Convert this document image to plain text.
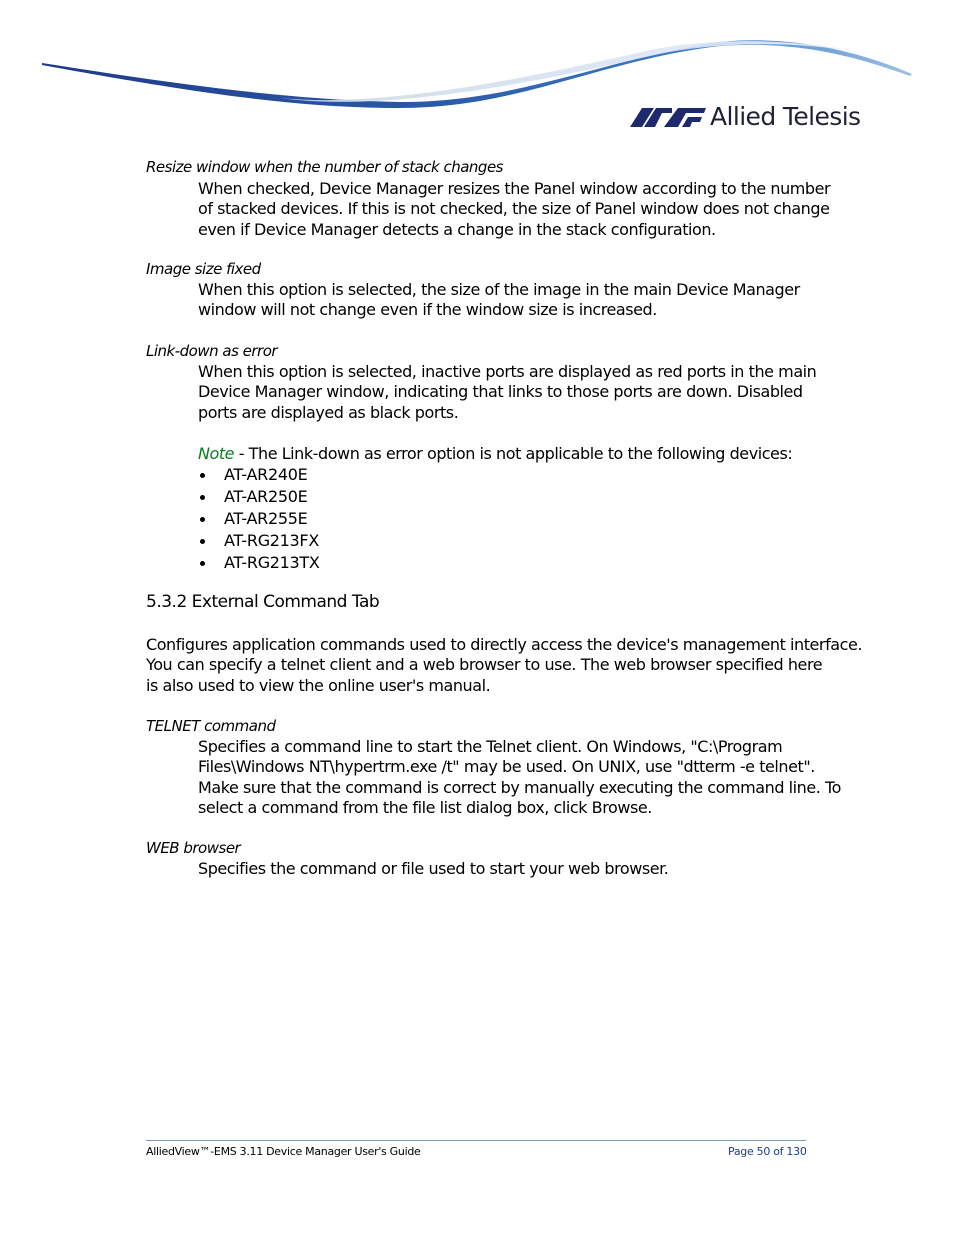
Allied Telesis
Resize window when the number of stack changes
When checked, Device Manager resizes the Panel window according to the number
of stacked devices. If this is not checked, the size of Panel window does not change
even if Device Manager detects a change in the stack configuration.
Image size fixed
When this option is selected, the size of the image in the main Device Manager
window will not change even if the window size is increased.
Link-down as error
When this option is selected, inactive ports are displayed as red ports in the main
Device Manager window, indicating that links to those ports are down. Disabled
ports are displayed as black ports.
Note - The Link-down as error option is not applicable to the following devices:
AT-AR240E
AT-AR250E
AT-AR255E
AT-RG213FX
AT-RG213TX
5.3.2 External Command Tab
Configures application commands used to directly access the device's management interface.
You can specify a telnet client and a web browser to use. The web browser specified here
is also used to view the online user's manual.
TELNET command
Specifies a command line to start the Telnet client. On Windows, "C:\Program
Files\Windows NT\hypertrm.exe /t" may be used. On UNIX, use "dtterm -e telnet".
Make sure that the command is correct by manually executing the command line. To
select a command from the file list dialog box, click Browse.
WEB browser
Specifies the command or file used to start your web browser.
AlliedView™-EMS 3.11 Device Manager User's Guide	Page 50 of 130
